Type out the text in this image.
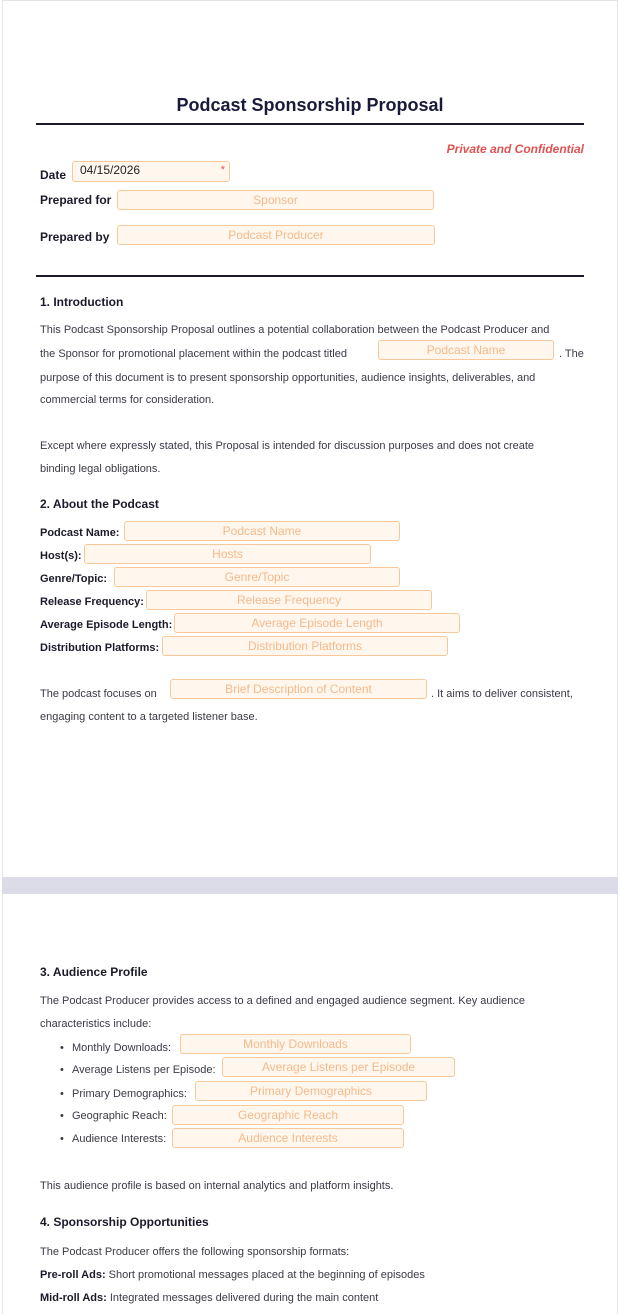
Podcast Sponsorship Proposal
Private and Confidential
Date	04/15/2026	*
Prepared for	Sponsor
Prepared by	Podcast Producer
1. Introduction
This Podcast Sponsorship Proposal outlines a potential collaboration between the Podcast Producer and
the Sponsor for promotional placement within the podcast titled	Podcast Name	. The
purpose of this document is to present sponsorship opportunities, audience insights, deliverables, and
commercial terms for consideration.
Except where expressly stated, this Proposal is intended for discussion purposes and does not create
binding legal obligations.
2. About the Podcast
Podcast Name:	Podcast Name
Host(s):	Hosts
Genre/Topic:	Genre/Topic
Release Frequency:	Release Frequency
Average Episode Length:	Average Episode Length
Distribution Platforms:	Distribution Platforms
The podcast focuses on	Brief Description of Content	. It aims to deliver consistent,
engaging content to a targeted listener base.
3. Audience Profile
The Podcast Producer provides access to a defined and engaged audience segment. Key audience
characteristics include:
• Monthly Downloads:	Monthly Downloads
• Average Listens per Episode:	Average Listens per Episode
• Primary Demographics:	Primary Demographics
• Geographic Reach:	Geographic Reach
• Audience Interests:	Audience Interests
This audience profile is based on internal analytics and platform insights.
4. Sponsorship Opportunities
The Podcast Producer offers the following sponsorship formats:
Pre-roll Ads: Short promotional messages placed at the beginning of episodes
Mid-roll Ads: Integrated messages delivered during the main content
